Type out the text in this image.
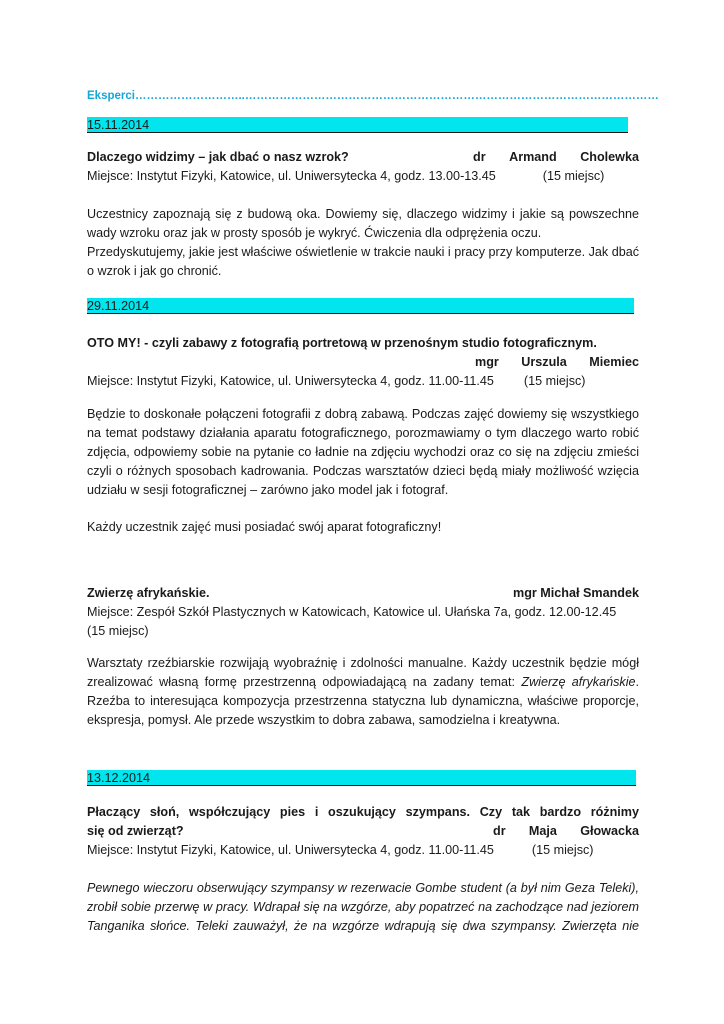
Eksperci………………………..………………………………………………………………………………………………
15.11.2014
Dlaczego widzimy – jak dbać o nasz wzrok?	dr Armand Cholewka
Miejsce: Instytut Fizyki, Katowice, ul. Uniwersytecka 4, godz. 13.00-13.45	(15 miejsc)
Uczestnicy zapoznają się z budową oka. Dowiemy się, dlaczego widzimy i jakie są powszechne wady wzroku oraz jak w prosty sposób je wykryć. Ćwiczenia dla odprężenia oczu.
Przedyskutujemy, jakie jest właściwe oświetlenie w trakcie nauki i pracy przy komputerze. Jak dbać o wzrok i jak go chronić.
29.11.2014
OTO MY! - czyli zabawy z fotografią portretową w przenośnym studio fotograficznym.
mgr Urszula Miemiec
Miejsce: Instytut Fizyki, Katowice, ul. Uniwersytecka 4, godz. 11.00-11.45 (15 miejsc)
Będzie to doskonałe połączeni fotografii z dobrą zabawą. Podczas zajęć dowiemy się wszystkiego na temat podstawy działania aparatu fotograficznego, porozmawiamy o tym dlaczego warto robić zdjęcia, odpowiemy sobie na pytanie co ładnie na zdjęciu wychodzi oraz co się na zdjęciu zmieści czyli o różnych sposobach kadrowania. Podczas warsztatów dzieci będą miały możliwość wzięcia udziału w sesji fotograficznej – zarówno jako model jak i fotograf.
Każdy uczestnik zajęć musi posiadać swój aparat fotograficzny!
Zwierzę afrykańskie.	mgr Michał Smandek
Miejsce: Zespół Szkół Plastycznych w Katowicach, Katowice ul. Ułańska 7a, godz. 12.00-12.45
(15 miejsc)
Warsztaty rzeźbiarskie rozwijają wyobraźnię i zdolności manualne. Każdy uczestnik będzie mógł zrealizować własną formę przestrzenną odpowiadającą na zadany temat: Zwierzę afrykańskie. Rzeźba to interesująca kompozycja przestrzenna statyczna lub dynamiczna, właściwe proporcje, ekspresja, pomysł. Ale przede wszystkim to dobra zabawa, samodzielna i kreatywna.
13.12.2014
Płaczący słoń, współczujący pies i oszukujący szympans. Czy tak bardzo różnimy
się od zwierząt?	dr Maja Głowacka
Miejsce: Instytut Fizyki, Katowice, ul. Uniwersytecka 4, godz. 11.00-11.45	(15 miejsc)
Pewnego wieczoru obserwujący szympansy w rezerwacie Gombe student (a był nim Geza Teleki), zrobił sobie przerwę w pracy. Wdrapał się na wzgórze, aby popatrzeć na zachodzące nad jeziorem Tanganika słońce. Teleki zauważył, że na wzgórze wdrapują się dwa szympansy. Zwierzęta nie
